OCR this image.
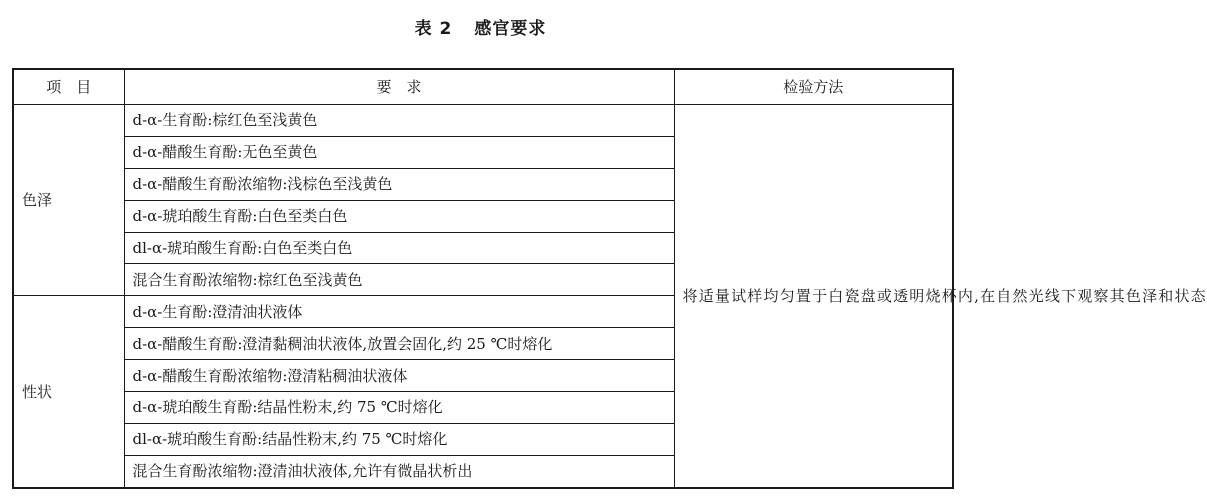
表 2 感官要求
项　目	要　求	检验方法
色泽	d-α-生育酚:棕红色至浅黄色	将适量试样均匀置于白瓷盘或透明烧杯内,在自然光线下观察其色泽和状态
	d-α-醋酸生育酚:无色至黄色	
	d-α-醋酸生育酚浓缩物:浅棕色至浅黄色	
	d-α-琥珀酸生育酚:白色至类白色	
	dl-α-琥珀酸生育酚:白色至类白色	
	混合生育酚浓缩物:棕红色至浅黄色	
性状	d-α-生育酚:澄清油状液体	
	d-α-醋酸生育酚:澄清黏稠油状液体,放置会固化,约 25 ℃时熔化	
	d-α-醋酸生育酚浓缩物:澄清粘稠油状液体	
	d-α-琥珀酸生育酚:结晶性粉末,约 75 ℃时熔化	
	dl-α-琥珀酸生育酚:结晶性粉末,约 75 ℃时熔化	
	混合生育酚浓缩物:澄清油状液体,允许有微晶状析出	
